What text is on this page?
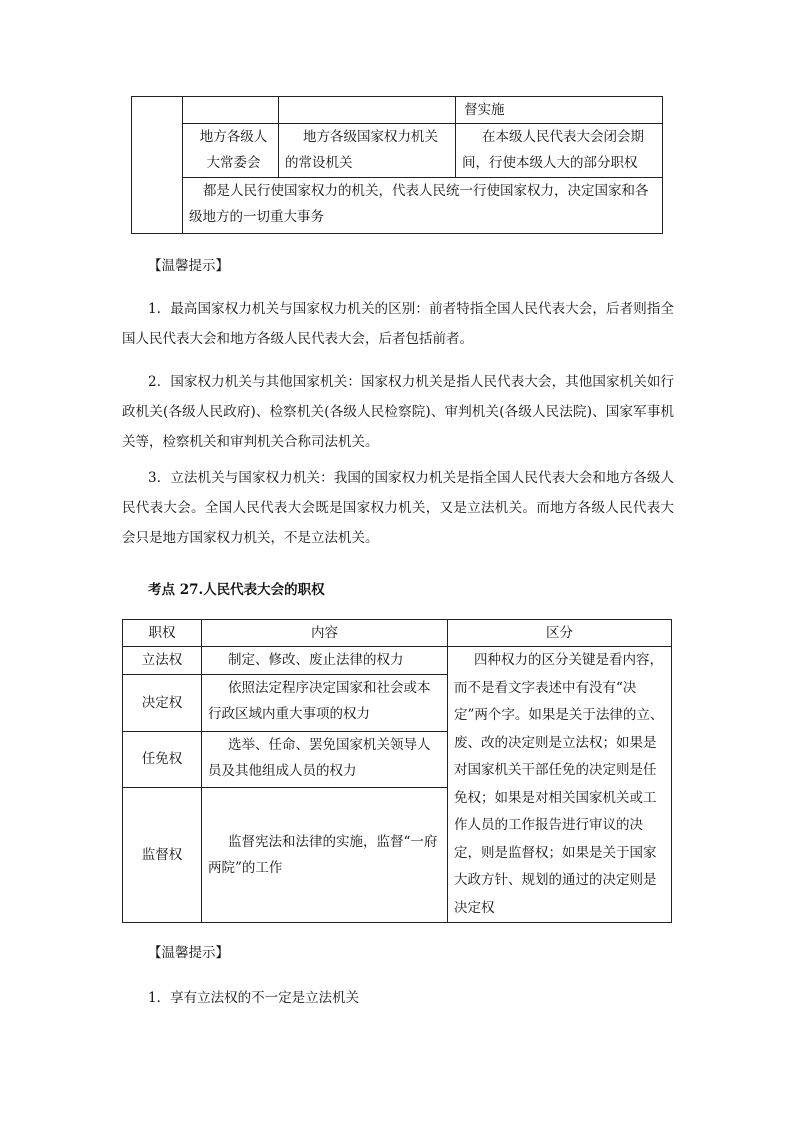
			督实施
	地方各级人大常委会	地方各级国家权力机关的常设机关	在本级人民代表大会闭会期间，行使本级人大的部分职权
	都是人民行使国家权力的机关，代表人民统一行使国家权力，决定国家和各级地方的一切重大事务		
【温馨提示】
1．最高国家权力机关与国家权力机关的区别：前者特指全国人民代表大会，后者则指全国人民代表大会和地方各级人民代表大会，后者包括前者。
2．国家权力机关与其他国家机关：国家权力机关是指人民代表大会，其他国家机关如行政机关(各级人民政府)、检察机关(各级人民检察院)、审判机关(各级人民法院)、国家军事机关等，检察机关和审判机关合称司法机关。
3．立法机关与国家权力机关：我国的国家权力机关是指全国人民代表大会和地方各级人民代表大会。全国人民代表大会既是国家权力机关，又是立法机关。而地方各级人民代表大会只是地方国家权力机关，不是立法机关。
考点 27.人民代表大会的职权
职权	内容	区分
立法权	制定、修改、废止法律的权力	四种权力的区分关键是看内容，而不是看文字表述中有没有“决定”两个字。如果是关于法律的立、废、改的决定则是立法权；如果是对国家机关干部任免的决定则是任免权；如果是对相关国家机关或工作人员的工作报告进行审议的决定，则是监督权；如果是关于国家大政方针、规划的通过的决定则是决定权
决定权	依照法定程序决定国家和社会或本行政区域内重大事项的权力	
任免权	选举、任命、罢免国家机关领导人员及其他组成人员的权力	
监督权	监督宪法和法律的实施，监督“一府两院”的工作	
【温馨提示】
1．享有立法权的不一定是立法机关
